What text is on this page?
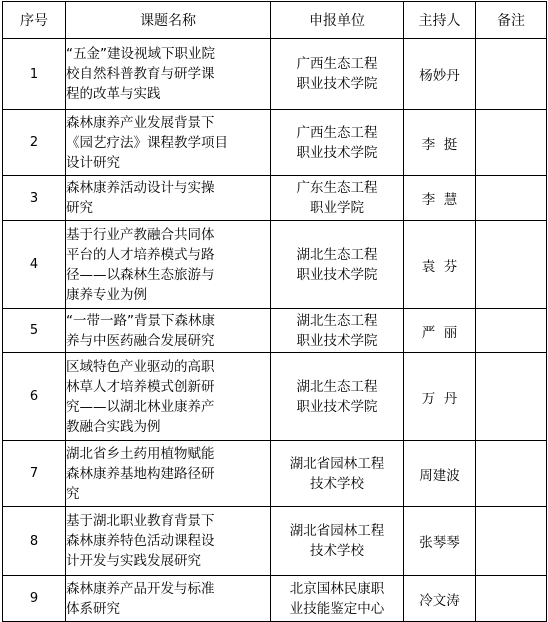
序号	课题名称	申报单位	主持人	备注
1	“五金”建设视域下职业院
校自然科普教育与研学课
程的改革与实践	广西生态工程
职业技术学院	杨妙丹	
2	森林康养产业发展背景下
《园艺疗法》课程教学项目
设计研究	广西生态工程
职业技术学院	李  挺	
3	森林康养活动设计与实操
研究	广东生态工程
职业学院	李  慧	
4	基于行业产教融合共同体
平台的人才培养模式与路
径——以森林生态旅游与
康养专业为例	湖北生态工程
职业技术学院	袁  芬	
5	“一带一路”背景下森林康
养与中医药融合发展研究	湖北生态工程
职业技术学院	严  丽	
6	区域特色产业驱动的高职
林草人才培养模式创新研
究——以湖北林业康养产
教融合实践为例	湖北生态工程
职业技术学院	万  丹	
7	湖北省乡土药用植物赋能
森林康养基地构建路径研
究	湖北省园林工程
技术学校	周建波	
8	基于湖北职业教育背景下
森林康养特色活动课程设
计开发与实践发展研究	湖北省园林工程
技术学校	张琴琴	
9	森林康养产品开发与标准
体系研究	北京国林民康职
业技能鉴定中心	冷文涛	
